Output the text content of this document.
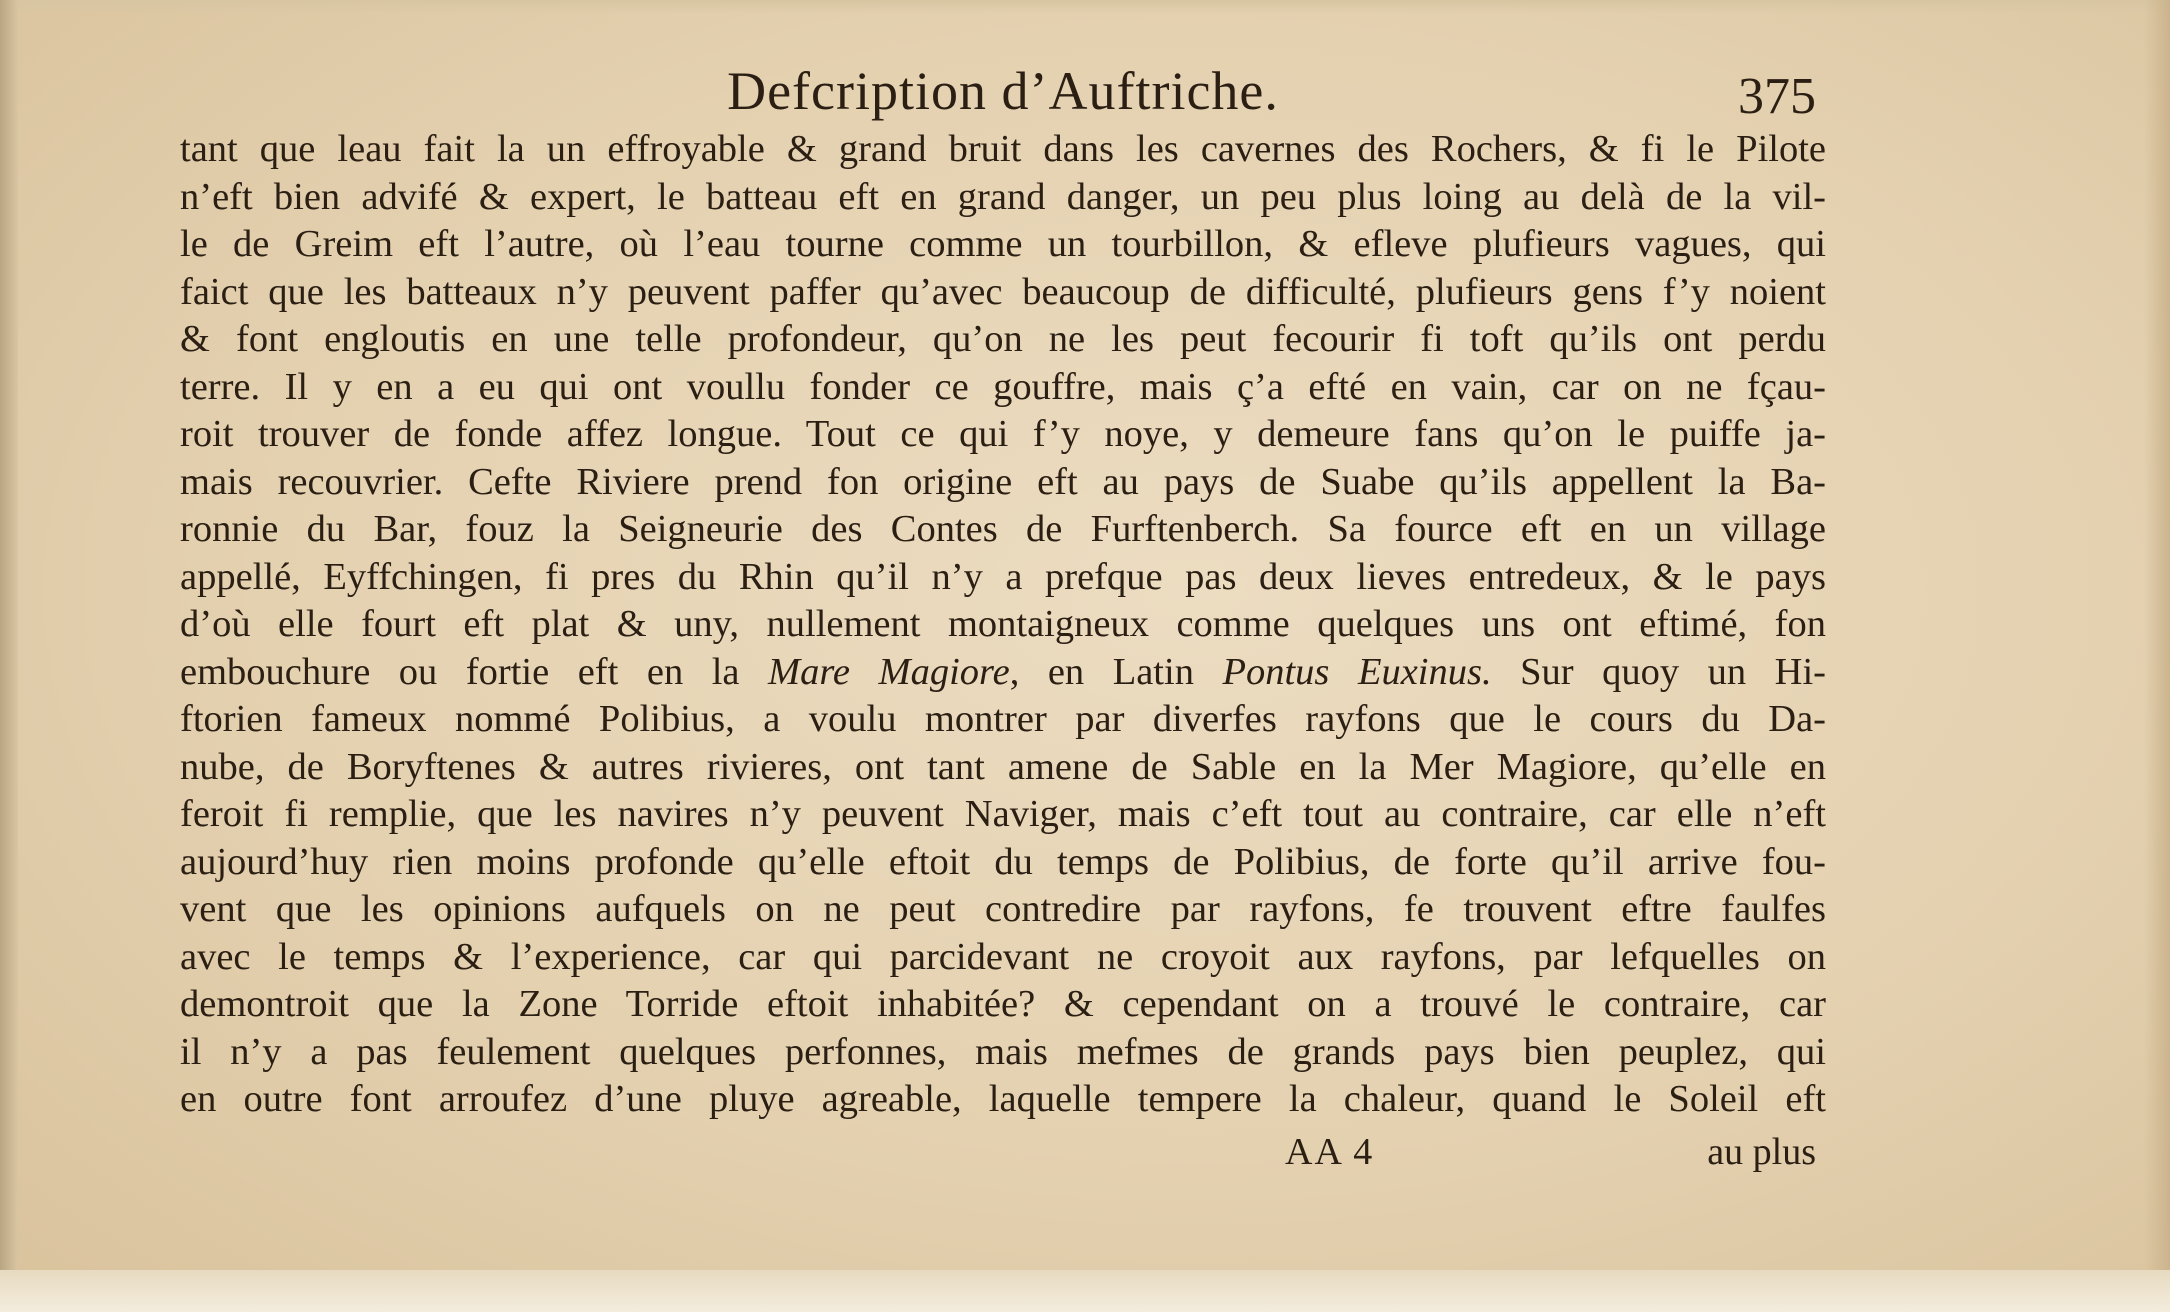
Defcription d’Auftriche.	375
tant que leau fait la un effroyable & grand bruit dans les cavernes des Rochers, & fi le Pilote
n’eft bien advifé & expert, le batteau eft en grand danger, un peu plus loing au delà de la vil-
le de Greim eft l’autre, où l’eau tourne comme un tourbillon, & efleve plufieurs vagues, qui
faict que les batteaux n’y peuvent paffer qu’avec beaucoup de difficulté, plufieurs gens f’y noient
& font engloutis en une telle profondeur, qu’on ne les peut fecourir fi toft qu’ils ont perdu
terre. Il y en a eu qui ont voullu fonder ce gouffre, mais ç’a efté en vain, car on ne fçau-
roit trouver de fonde affez longue. Tout ce qui f’y noye, y demeure fans qu’on le puiffe ja-
mais recouvrier. Cefte Riviere prend fon origine eft au pays de Suabe qu’ils appellent la Ba-
ronnie du Bar, fouz la Seigneurie des Contes de Furftenberch. Sa fource eft en un village
appellé, Eyffchingen, fi pres du Rhin qu’il n’y a prefque pas deux lieves entredeux, & le pays
d’où elle fourt eft plat & uny, nullement montaigneux comme quelques uns ont eftimé, fon
embouchure ou fortie eft en la Mare Magiore, en Latin Pontus Euxinus. Sur quoy un Hi-
ftorien fameux nommé Polibius, a voulu montrer par diverfes rayfons que le cours du Da-
nube, de Boryftenes & autres rivieres, ont tant amene de Sable en la Mer Magiore, qu’elle en
feroit fi remplie, que les navires n’y peuvent Naviger, mais c’eft tout au contraire, car elle n’eft
aujourd’huy rien moins profonde qu’elle eftoit du temps de Polibius, de forte qu’il arrive fou-
vent que les opinions aufquels on ne peut contredire par rayfons, fe trouvent eftre faulfes
avec le temps & l’experience, car qui parcidevant ne croyoit aux rayfons, par lefquelles on
demontroit que la Zone Torride eftoit inhabitée? & cependant on a trouvé le contraire, car
il n’y a pas feulement quelques perfonnes, mais mefmes de grands pays bien peuplez, qui
en outre font arroufez d’une pluye agreable, laquelle tempere la chaleur, quand le Soleil eft
AA 4	au plus
